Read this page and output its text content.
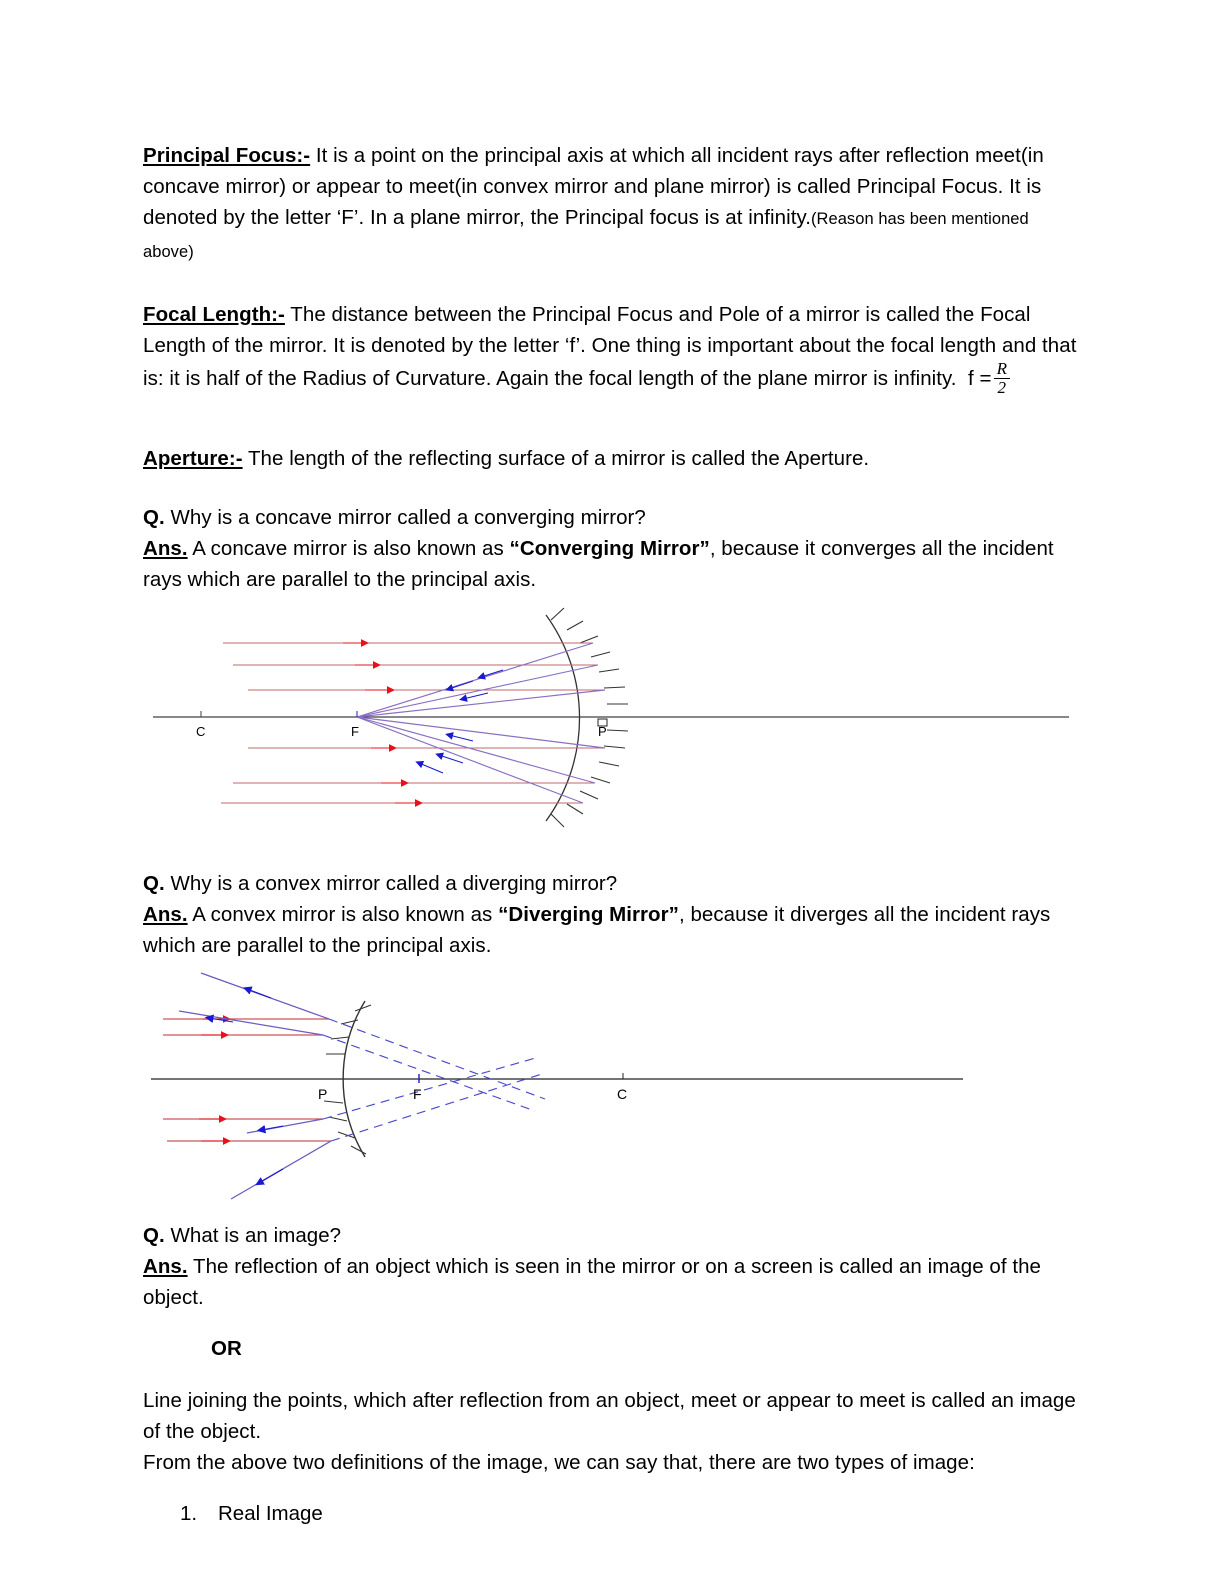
Principal Focus:- It is a point on the principal axis at which all incident rays after reflection meet(in concave mirror) or appear to meet(in convex mirror and plane mirror) is called Principal Focus. It is denoted by the letter ‘F’. In a plane mirror, the Principal focus is at infinity.(Reason has been mentioned above)

Focal Length:- The distance between the Principal Focus and Pole of a mirror is called the Focal Length of the mirror. It is denoted by the letter ‘f’. One thing is important about the focal length and that is: it is half of the Radius of Curvature. Again the focal length of the plane mirror is infinity. $f = \frac{R}{2}$

Aperture:- The length of the reflecting surface of a mirror is called the Aperture.

Q. Why is a concave mirror called a converging mirror?

Ans. A concave mirror is also known as “Converging Mirror”, because it converges all the incident rays which are parallel to the principal axis.

C	F	P

Q. Why is a convex mirror called a diverging mirror?

Ans. A convex mirror is also known as “Diverging Mirror”, because it diverges all the incident rays which are parallel to the principal axis.

P	F	C

Q. What is an image?

Ans. The reflection of an object which is seen in the mirror or on a screen is called an image of the object.

OR

Line joining the points, which after reflection from an object, meet or appear to meet is called an image of the object.

From the above two definitions of the image, we can say that, there are two types of image:

1. Real Image
